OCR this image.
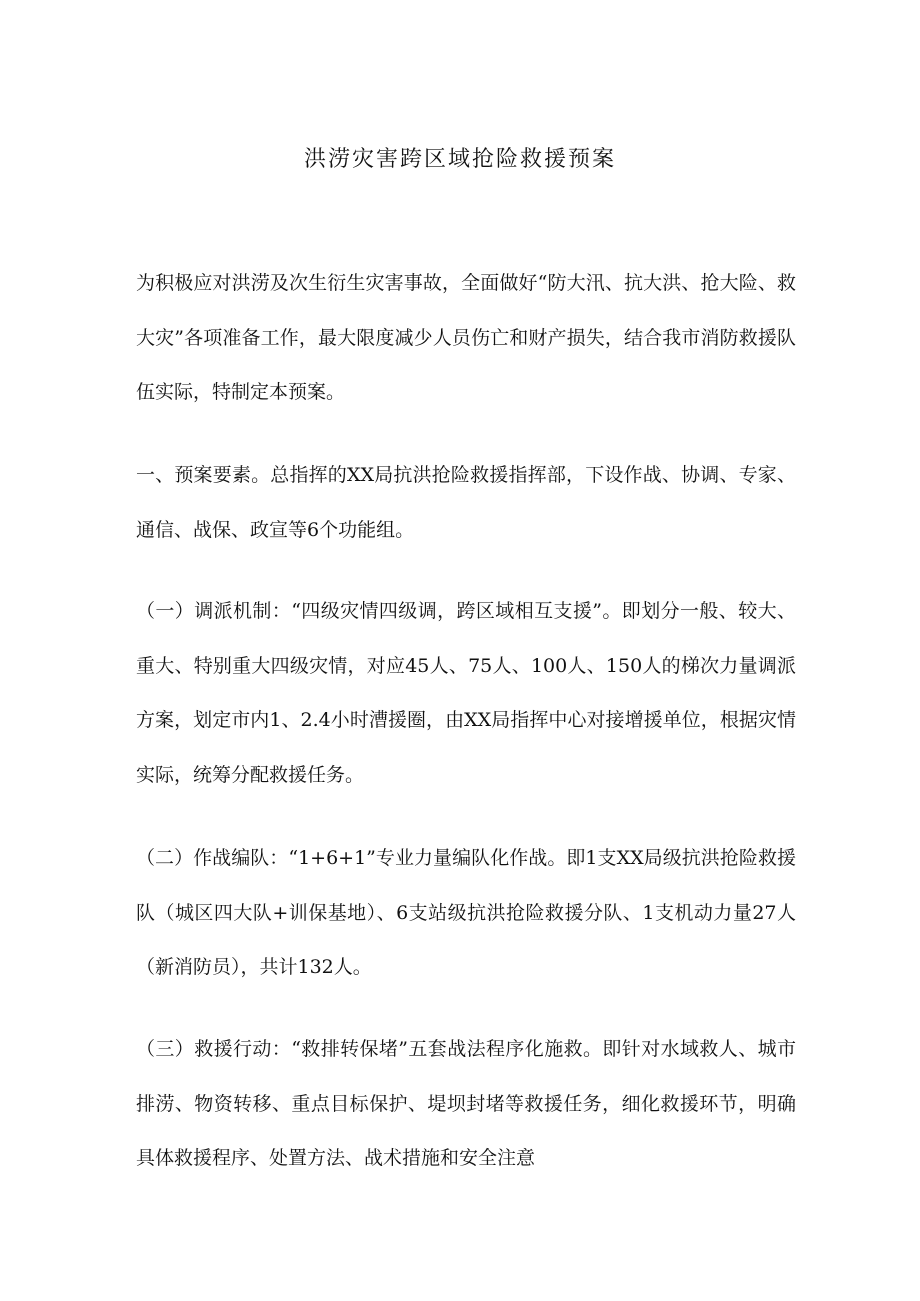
洪涝灾害跨区域抢险救援预案

为积极应对洪涝及次生衍生灾害事故，全面做好“防大汛、抗大洪、抢大险、救大灾”各项准备工作，最大限度减少人员伤亡和财产损失，结合我市消防救援队伍实际，特制定本预案。

一、预案要素。总指挥的XX局抗洪抢险救援指挥部，下设作战、协调、专家、通信、战保、政宣等6个功能组。

（一）调派机制：“四级灾情四级调，跨区域相互支援”。即划分一般、较大、重大、特别重大四级灾情，对应45人、75人、100人、150人的梯次力量调派方案，划定市内1、2.4小时漕援圈，由XX局指挥中心对接增援单位，根据灾情实际，统筹分配救援任务。

（二）作战编队：“1+6+1”专业力量编队化作战。即1支XX局级抗洪抢险救援队（城区四大队+训保基地）、6支站级抗洪抢险救援分队、1支机动力量27人（新消防员），共计132人。

（三）救援行动：“救排转保堵”五套战法程序化施救。即针对水域救人、城市排涝、物资转移、重点目标保护、堤坝封堵等救援任务，细化救援环节，明确具体救援程序、处置方法、战术措施和安全注意
